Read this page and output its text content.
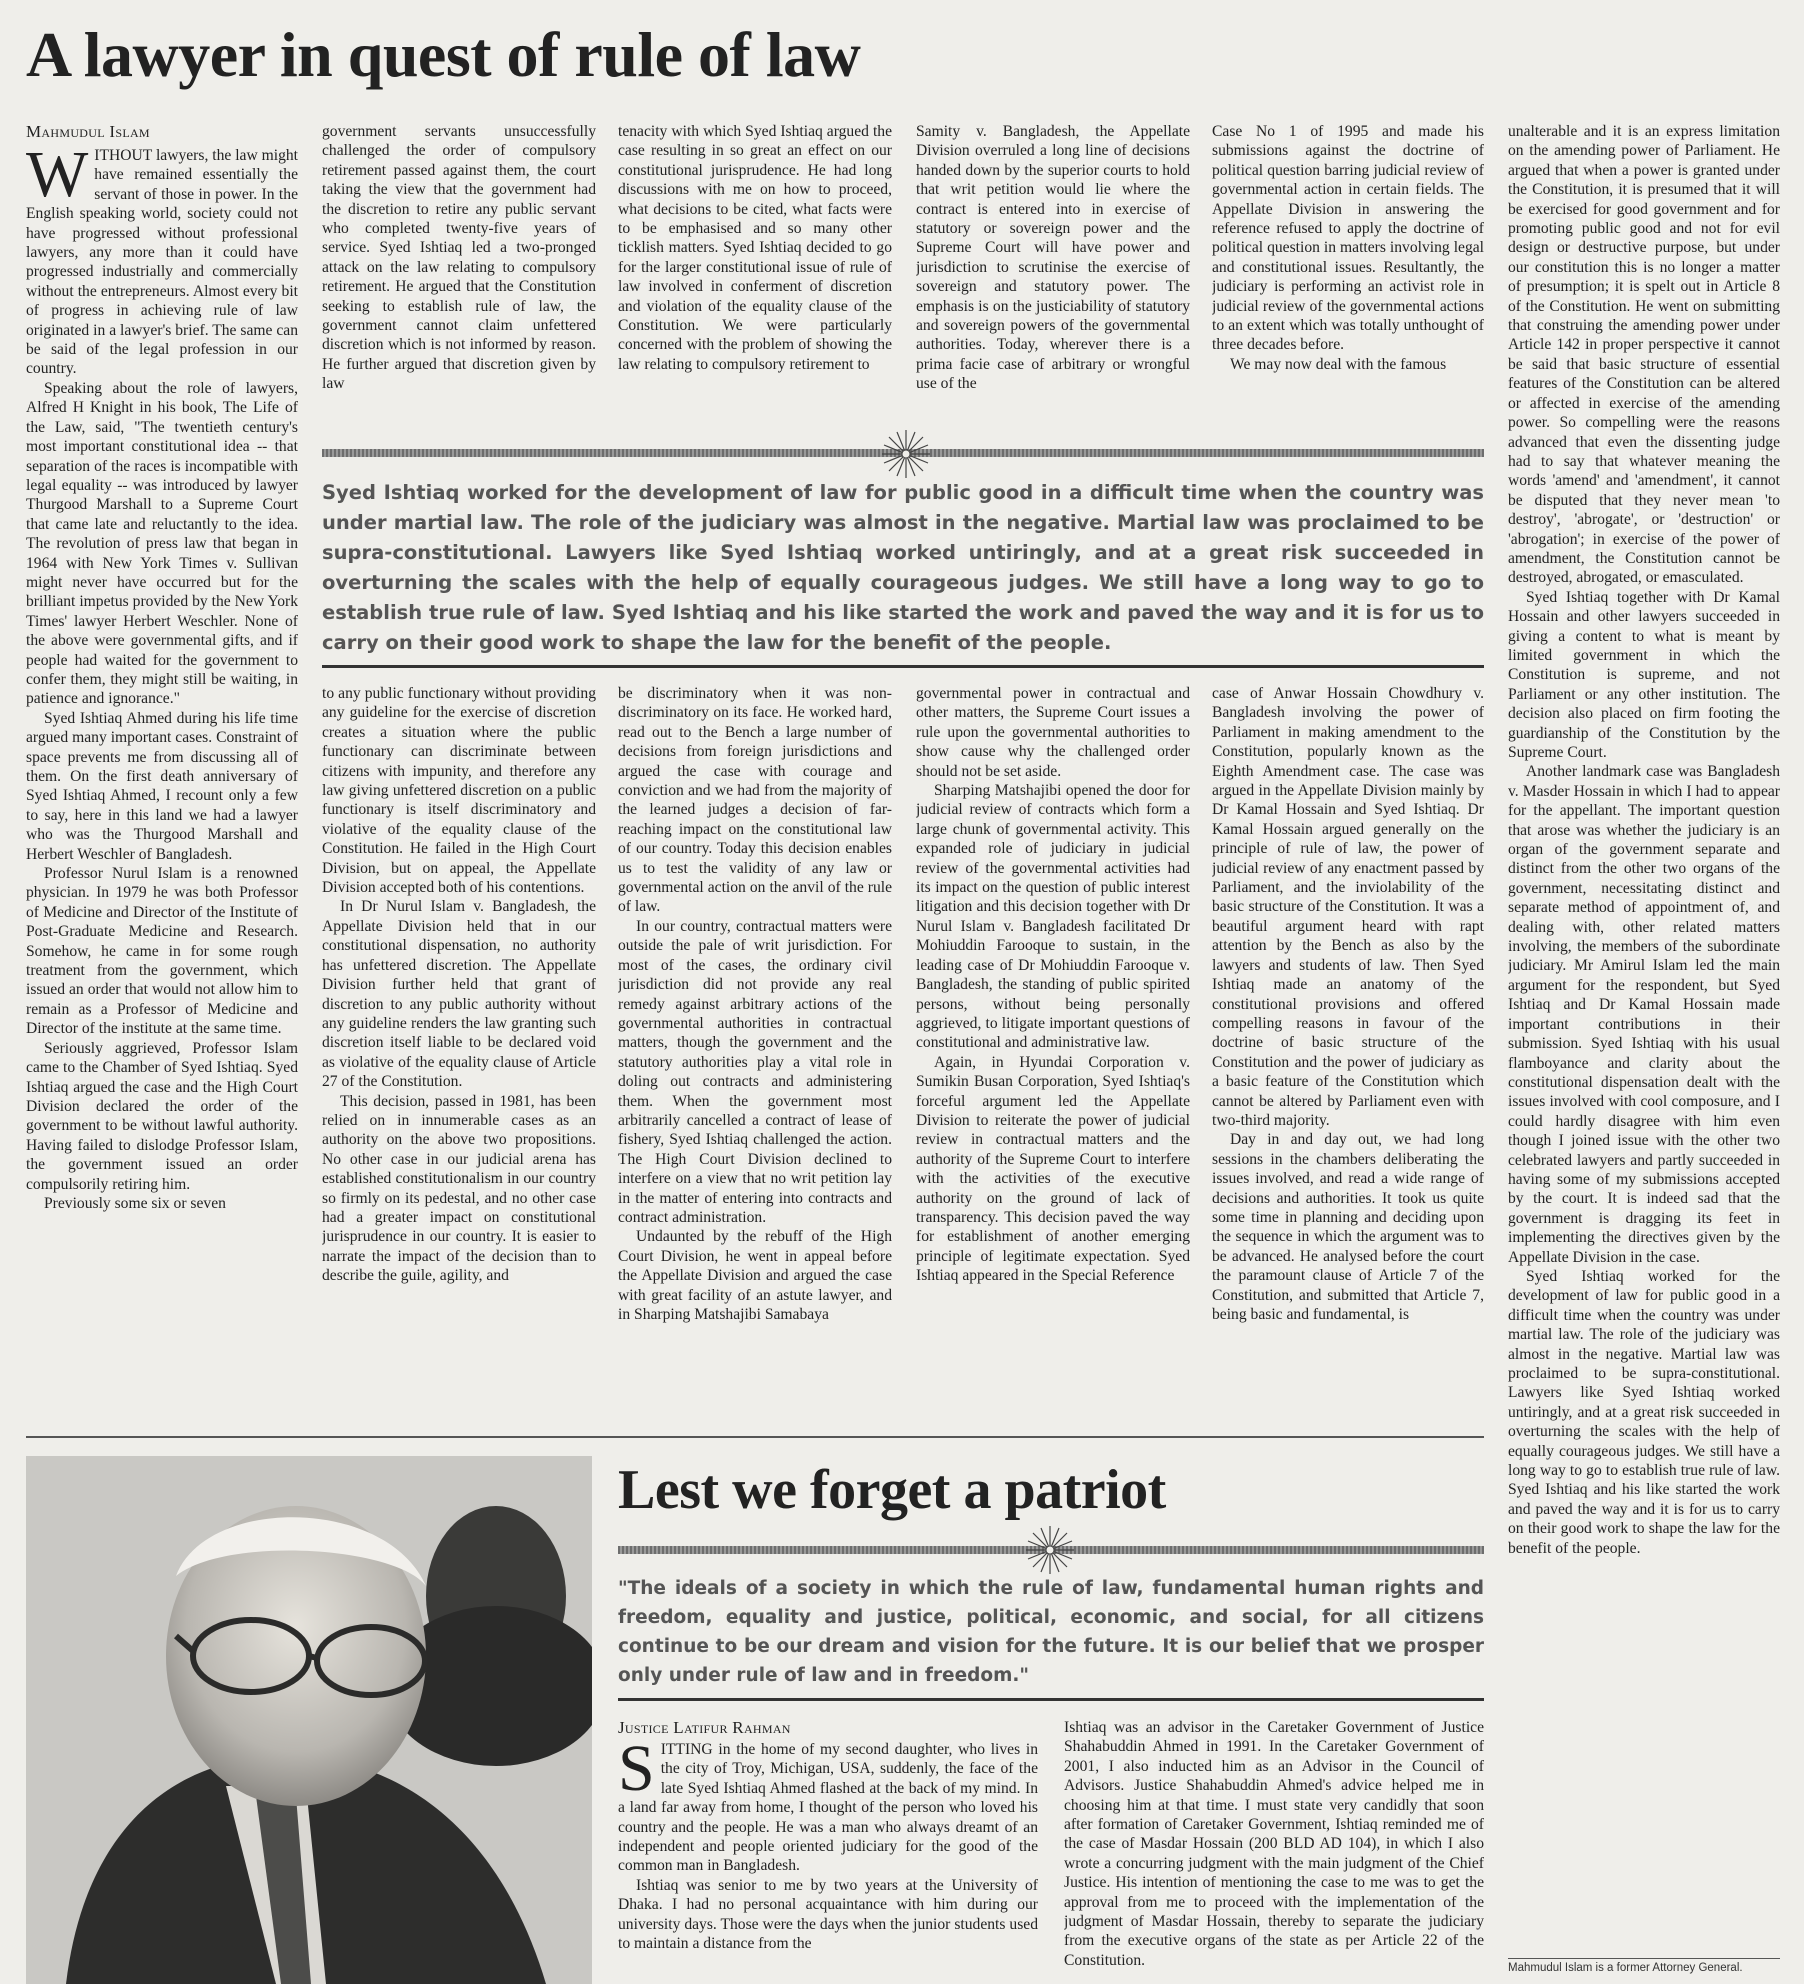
A lawyer in quest of rule of law
Mahmudul Islam

WITHOUT lawyers, the law might have remained essentially the servant of those in power. In the English speaking world, society could not have progressed without professional lawyers, any more than it could have progressed industrially and commercially without the entrepreneurs. Almost every bit of progress in achieving rule of law originated in a lawyer's brief. The same can be said of the legal profession in our country.

Speaking about the role of lawyers, Alfred H Knight in his book, The Life of the Law, said, "The twentieth century's most important constitutional idea -- that separation of the races is incompatible with legal equality -- was introduced by lawyer Thurgood Marshall to a Supreme Court that came late and reluctantly to the idea. The revolution of press law that began in 1964 with New York Times v. Sullivan might never have occurred but for the brilliant impetus provided by the New York Times' lawyer Herbert Weschler. None of the above were governmental gifts, and if people had waited for the government to confer them, they might still be waiting, in patience and ignorance."

Syed Ishtiaq Ahmed during his life time argued many important cases. Constraint of space prevents me from discussing all of them. On the first death anniversary of Syed Ishtiaq Ahmed, I recount only a few to say, here in this land we had a lawyer who was the Thurgood Marshall and Herbert Weschler of Bangladesh.

Professor Nurul Islam is a renowned physician. In 1979 he was both Professor of Medicine and Director of the Institute of Post-Graduate Medicine and Research. Somehow, he came in for some rough treatment from the government, which issued an order that would not allow him to remain as a Professor of Medicine and Director of the institute at the same time.

Seriously aggrieved, Professor Islam came to the Chamber of Syed Ishtiaq. Syed Ishtiaq argued the case and the High Court Division declared the order of the government to be without lawful authority. Having failed to dislodge Professor Islam, the government issued an order compulsorily retiring him.

Previously some six or seven

government servants unsuccessfully challenged the order of compulsory retirement passed against them, the court taking the view that the government had the discretion to retire any public servant who completed twenty-five years of service. Syed Ishtiaq led a two-pronged attack on the law relating to compulsory retirement. He argued that the Constitution seeking to establish rule of law, the government cannot claim unfettered discretion which is not informed by reason. He further argued that discretion given by law

tenacity with which Syed Ishtiaq argued the case resulting in so great an effect on our constitutional jurisprudence. He had long discussions with me on how to proceed, what decisions to be cited, what facts were to be emphasised and so many other ticklish matters. Syed Ishtiaq decided to go for the larger constitutional issue of rule of law involved in conferment of discretion and violation of the equality clause of the Constitution. We were particularly concerned with the problem of showing the law relating to compulsory retirement to

Samity v. Bangladesh, the Appellate Division overruled a long line of decisions handed down by the superior courts to hold that writ petition would lie where the contract is entered into in exercise of statutory or sovereign power and the Supreme Court will have power and jurisdiction to scrutinise the exercise of sovereign and statutory power. The emphasis is on the justiciability of statutory and sovereign powers of the governmental authorities. Today, wherever there is a prima facie case of arbitrary or wrongful use of the

Case No 1 of 1995 and made his submissions against the doctrine of political question barring judicial review of governmental action in certain fields. The Appellate Division in answering the reference refused to apply the doctrine of political question in matters involving legal and constitutional issues. Resultantly, the judiciary is performing an activist role in judicial review of the governmental actions to an extent which was totally unthought of three decades before.

We may now deal with the famous

Syed Ishtiaq worked for the development of law for public good in a difficult time when the country was under martial law. The role of the judiciary was almost in the negative. Martial law was proclaimed to be supra-constitutional. Lawyers like Syed Ishtiaq worked untiringly, and at a great risk succeeded in overturning the scales with the help of equally courageous judges. We still have a long way to go to establish true rule of law. Syed Ishtiaq and his like started the work and paved the way and it is for us to carry on their good work to shape the law for the benefit of the people.

to any public functionary without providing any guideline for the exercise of discretion creates a situation where the public functionary can discriminate between citizens with impunity, and therefore any law giving unfettered discretion on a public functionary is itself discriminatory and violative of the equality clause of the Constitution. He failed in the High Court Division, but on appeal, the Appellate Division accepted both of his contentions.

In Dr Nurul Islam v. Bangladesh, the Appellate Division held that in our constitutional dispensation, no authority has unfettered discretion. The Appellate Division further held that grant of discretion to any public authority without any guideline renders the law granting such discretion itself liable to be declared void as violative of the equality clause of Article 27 of the Constitution.

This decision, passed in 1981, has been relied on in innumerable cases as an authority on the above two propositions. No other case in our judicial arena has established constitutionalism in our country so firmly on its pedestal, and no other case had a greater impact on constitutional jurisprudence in our country. It is easier to narrate the impact of the decision than to describe the guile, agility, and

be discriminatory when it was non-discriminatory on its face. He worked hard, read out to the Bench a large number of decisions from foreign jurisdictions and argued the case with courage and conviction and we had from the majority of the learned judges a decision of far-reaching impact on the constitutional law of our country. Today this decision enables us to test the validity of any law or governmental action on the anvil of the rule of law.

In our country, contractual matters were outside the pale of writ jurisdiction. For most of the cases, the ordinary civil jurisdiction did not provide any real remedy against arbitrary actions of the governmental authorities in contractual matters, though the government and the statutory authorities play a vital role in doling out contracts and administering them. When the government most arbitrarily cancelled a contract of lease of fishery, Syed Ishtiaq challenged the action. The High Court Division declined to interfere on a view that no writ petition lay in the matter of entering into contracts and contract administration.

Undaunted by the rebuff of the High Court Division, he went in appeal before the Appellate Division and argued the case with great facility of an astute lawyer, and in Sharping Matshajibi Samabaya

governmental power in contractual and other matters, the Supreme Court issues a rule upon the governmental authorities to show cause why the challenged order should not be set aside.

Sharping Matshajibi opened the door for judicial review of contracts which form a large chunk of governmental activity. This expanded role of judiciary in judicial review of the governmental activities had its impact on the question of public interest litigation and this decision together with Dr Nurul Islam v. Bangladesh facilitated Dr Mohiuddin Farooque to sustain, in the leading case of Dr Mohiuddin Farooque v. Bangladesh, the standing of public spirited persons, without being personally aggrieved, to litigate important questions of constitutional and administrative law.

Again, in Hyundai Corporation v. Sumikin Busan Corporation, Syed Ishtiaq's forceful argument led the Appellate Division to reiterate the power of judicial review in contractual matters and the authority of the Supreme Court to interfere with the activities of the executive authority on the ground of lack of transparency. This decision paved the way for establishment of another emerging principle of legitimate expectation. Syed Ishtiaq appeared in the Special Reference

case of Anwar Hossain Chowdhury v. Bangladesh involving the power of Parliament in making amendment to the Constitution, popularly known as the Eighth Amendment case. The case was argued in the Appellate Division mainly by Dr Kamal Hossain and Syed Ishtiaq. Dr Kamal Hossain argued generally on the principle of rule of law, the power of judicial review of any enactment passed by Parliament, and the inviolability of the basic structure of the Constitution. It was a beautiful argument heard with rapt attention by the Bench as also by the lawyers and students of law. Then Syed Ishtiaq made an anatomy of the constitutional provisions and offered compelling reasons in favour of the doctrine of basic structure of the Constitution and the power of judiciary as a basic feature of the Constitution which cannot be altered by Parliament even with two-third majority.

Day in and day out, we had long sessions in the chambers deliberating the issues involved, and read a wide range of decisions and authorities. It took us quite some time in planning and deciding upon the sequence in which the argument was to be advanced. He analysed before the court the paramount clause of Article 7 of the Constitution, and submitted that Article 7, being basic and fundamental, is

unalterable and it is an express limitation on the amending power of Parliament. He argued that when a power is granted under the Constitution, it is presumed that it will be exercised for good government and for promoting public good and not for evil design or destructive purpose, but under our constitution this is no longer a matter of presumption; it is spelt out in Article 8 of the Constitution. He went on submitting that construing the amending power under Article 142 in proper perspective it cannot be said that basic structure of essential features of the Constitution can be altered or affected in exercise of the amending power. So compelling were the reasons advanced that even the dissenting judge had to say that whatever meaning the words 'amend' and 'amendment', it cannot be disputed that they never mean 'to destroy', 'abrogate', or 'destruction' or 'abrogation'; in exercise of the power of amendment, the Constitution cannot be destroyed, abrogated, or emasculated.

Syed Ishtiaq together with Dr Kamal Hossain and other lawyers succeeded in giving a content to what is meant by limited government in which the Constitution is supreme, and not Parliament or any other institution. The decision also placed on firm footing the guardianship of the Constitution by the Supreme Court.

Another landmark case was Bangladesh v. Masder Hossain in which I had to appear for the appellant. The important question that arose was whether the judiciary is an organ of the government separate and distinct from the other two organs of the government, necessitating distinct and separate method of appointment of, and dealing with, other related matters involving, the members of the subordinate judiciary. Mr Amirul Islam led the main argument for the respondent, but Syed Ishtiaq and Dr Kamal Hossain made important contributions in their submission. Syed Ishtiaq with his usual flamboyance and clarity about the constitutional dispensation dealt with the issues involved with cool composure, and I could hardly disagree with him even though I joined issue with the other two celebrated lawyers and partly succeeded in having some of my submissions accepted by the court. It is indeed sad that the government is dragging its feet in implementing the directives given by the Appellate Division in the case.

Syed Ishtiaq worked for the development of law for public good in a difficult time when the country was under martial law. The role of the judiciary was almost in the negative. Martial law was proclaimed to be supra-constitutional. Lawyers like Syed Ishtiaq worked untiringly, and at a great risk succeeded in overturning the scales with the help of equally courageous judges. We still have a long way to go to establish true rule of law. Syed Ishtiaq and his like started the work and paved the way and it is for us to carry on their good work to shape the law for the benefit of the people.

Mahmudul Islam is a former Attorney General.
Lest we forget a patriot
"The ideals of a society in which the rule of law, fundamental human rights and freedom, equality and justice, political, economic, and social, for all citizens continue to be our dream and vision for the future. It is our belief that we prosper only under rule of law and in freedom."
Justice Latifur Rahman

SITTING in the home of my second daughter, who lives in the city of Troy, Michigan, USA, suddenly, the face of the late Syed Ishtiaq Ahmed flashed at the back of my mind. In a land far away from home, I thought of the person who loved his country and the people. He was a man who always dreamt of an independent and people oriented judiciary for the good of the common man in Bangladesh.

Ishtiaq was senior to me by two years at the University of Dhaka. I had no personal acquaintance with him during our university days. Those were the days when the junior students used to maintain a distance from the

Ishtiaq was an advisor in the Caretaker Government of Justice Shahabuddin Ahmed in 1991. In the Caretaker Government of 2001, I also inducted him as an Advisor in the Council of Advisors. Justice Shahabuddin Ahmed's advice helped me in choosing him at that time. I must state very candidly that soon after formation of Caretaker Government, Ishtiaq reminded me of the case of Masdar Hossain (200 BLD AD 104), in which I also wrote a concurring judgment with the main judgment of the Chief Justice. His intention of mentioning the case to me was to get the approval from me to proceed with the implementation of the judgment of Masdar Hossain, thereby to separate the judiciary from the executive organs of the state as per Article 22 of the Constitution.
